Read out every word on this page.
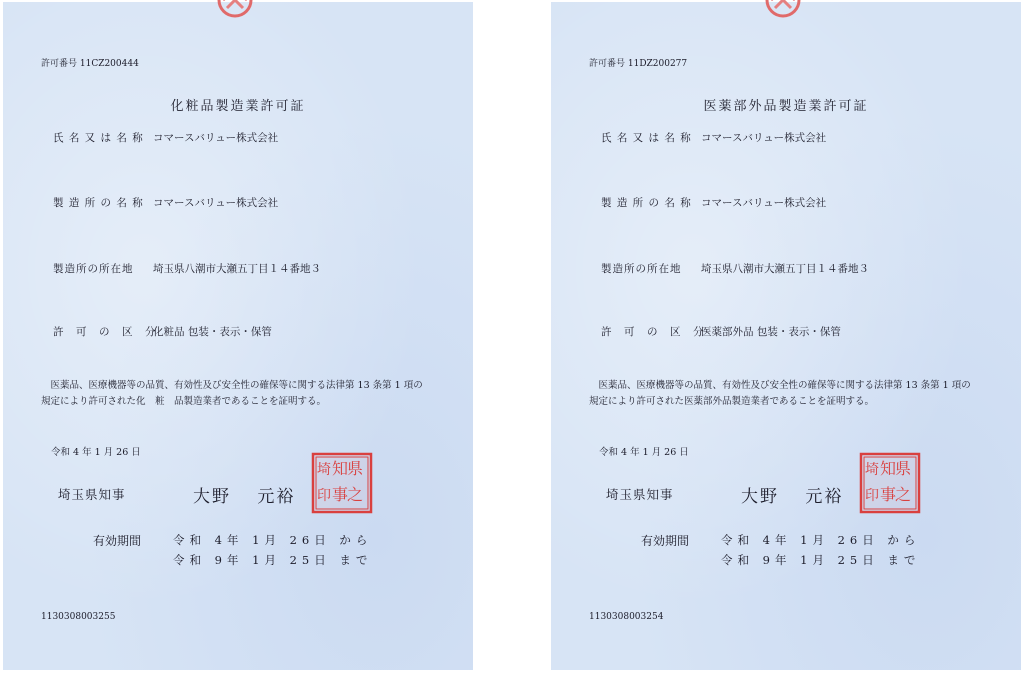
許可番号 11CZ200444
化粧品製造業許可証
氏 名 又 は 名 称 コマースバリュー株式会社
製 造 所 の 名 称 コマースバリュー株式会社
製造所の所在地 埼玉県八潮市大瀬五丁目１４番地３
許　可　の　区　分
化粧品 包装・表示・保管
　医薬品、医療機器等の品質、有効性及び安全性の確保等に関する法律第 13 条第 1 項の
規定により許可された化　粧　品製造業者であることを証明する。
令和 4 年 1 月 26 日
埼玉県知事	大野　 元裕
県
之
知
事
埼
印
有効期間	令和 4年 1月 26日 から
令和 9年 1月 25日 まで
1130308003255
許可番号 11DZ200277
医薬部外品製造業許可証
氏 名 又 は 名 称 コマースバリュー株式会社
製 造 所 の 名 称 コマースバリュー株式会社
製造所の所在地 埼玉県八潮市大瀬五丁目１４番地３
許　可　の　区　分
医薬部外品 包装・表示・保管
　医薬品、医療機器等の品質、有効性及び安全性の確保等に関する法律第 13 条第 1 項の
規定により許可された医薬部外品製造業者であることを証明する。
令和 4 年 1 月 26 日
埼玉県知事	大野　 元裕
県
之
知
事
埼
印
有効期間	令和 4年 1月 26日 から
令和 9年 1月 25日 まで
1130308003254
